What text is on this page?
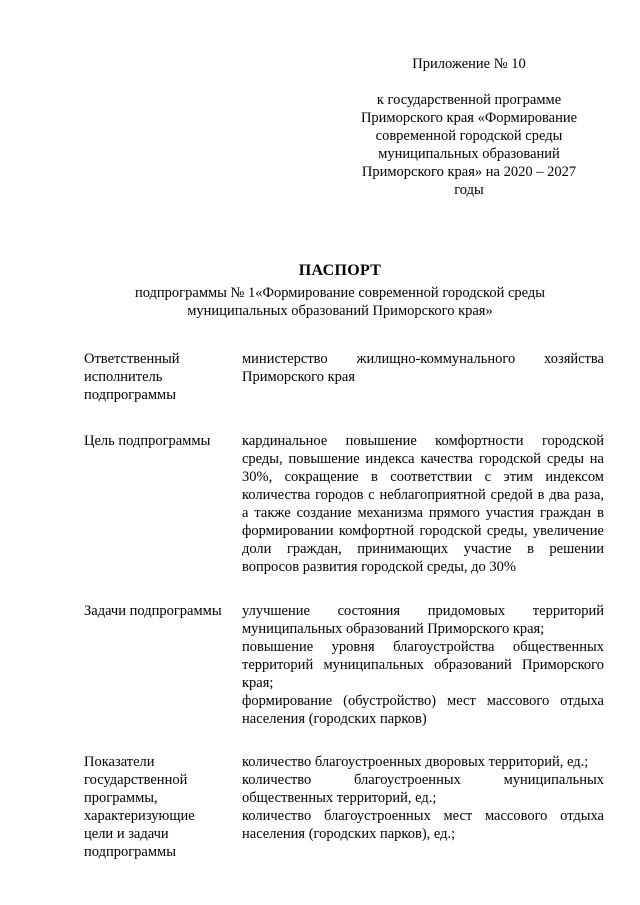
Приложение № 10
к государственной программе
Приморского края «Формирование
современной городской среды
муниципальных образований
Приморского края» на 2020 – 2027
годы
ПАСПОРТ
подпрограммы № 1«Формирование современной городской среды
муниципальных образований Приморского края»
Ответственный
исполнитель
подпрограммы

министерство жилищно-коммунального хозяйства Приморского края

Цель подпрограммы	кардинальное повышение комфортности городской среды, повышение индекса качества городской среды на 30%, сокращение в соответствии с этим индексом количества городов с неблагоприятной средой в два раза, а также создание механизма прямого участия граждан в формировании комфортной городской среды, увеличение доли граждан, принимающих участие в решении вопросов развития городской среды, до 30%

Задачи подпрограммы	улучшение состояния придомовых территорий муниципальных образований Приморского края;

повышение уровня благоустройства общественных территорий муниципальных образований Приморского края;

формирование (обустройство) мест массового отдыха населения (городских парков)

Показатели
государственной
программы,
характеризующие
цели и задачи
подпрограммы

количество благоустроенных дворовых территорий, ед.;

количество благоустроенных муниципальных общественных территорий, ед.;

количество благоустроенных мест массового отдыха населения (городских парков), ед.;
